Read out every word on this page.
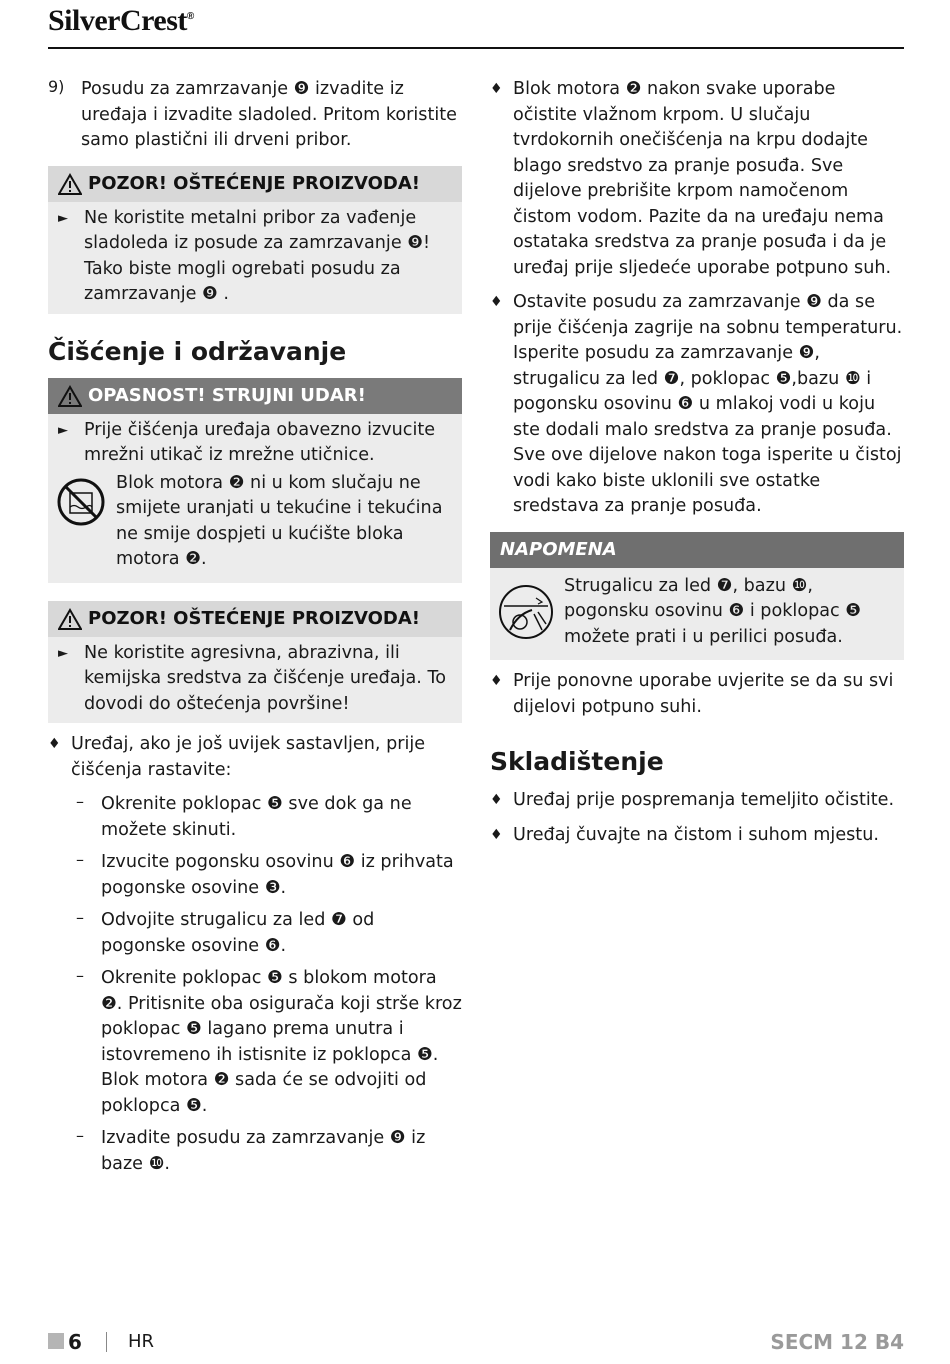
SilverCrest®
9) Posudu za zamrzavanje ❾ izvadite iz uređaja i izvadite sladoled. Pritom koristite samo plastični ili drveni pribor.

POZOR! OŠTEĆENJE PROIZVODA!
► Ne koristite metalni pribor za vađenje sladoleda iz posude za zamrzavanje ❾! Tako biste mogli ogrebati posudu za zamrzavanje ❾ .

Čišćenje i održavanje
OPASNOST! STRUJNI UDAR!
► Prije čišćenja uređaja obavezno izvucite mrežni utikač iz mrežne utičnice.

Blok motora ❷ ni u kom slučaju ne smijete uranjati u tekućine i tekućina ne smije dospjeti u kućište bloka motora ❷.

POZOR! OŠTEĆENJE PROIZVODA!
► Ne koristite agresivna, abrazivna, ili kemijska sredstva za čišćenje uređaja. To dovodi do oštećenja površine!

♦ Uređaj, ako je još uvijek sastavljen, prije čišćenja rastavite:

– Okrenite poklopac ❺ sve dok ga ne možete skinuti.

– Izvucite pogonsku osovinu ❻ iz prihvata pogonske osovine ❸.

– Odvojite strugalicu za led ❼ od pogonske osovine ❻.

– Okrenite poklopac ❺ s blokom motora ❷. Pritisnite oba osigurača koji strše kroz poklopac ❺ lagano prema unutra i istovremeno ih istisnite iz poklopca ❺. Blok motora ❷ sada će se odvojiti od poklopca ❺.

– Izvadite posudu za zamrzavanje ❾ iz baze ❿.

♦ Blok motora ❷ nakon svake uporabe očistite vlažnom krpom. U slučaju tvrdokornih onečišćenja na krpu dodajte blago sredstvo za pranje posuđa. Sve dijelove prebrišite krpom namočenom čistom vodom. Pazite da na uređaju nema ostataka sredstva za pranje posuđa i da je uređaj prije sljedeće uporabe potpuno suh.

♦ Ostavite posudu za zamrzavanje ❾ da se prije čišćenja zagrije na sobnu temperaturu. Isperite posudu za zamrzavanje ❾, strugalicu za led ❼, poklopac ❺,bazu ❿ i pogonsku osovinu ❻ u mlakoj vodi u koju ste dodali malo sredstva za pranje posuđa. Sve ove dijelove nakon toga isperite u čistoj vodi kako biste uklonili sve ostatke sredstava za pranje posuđa.

NAPOMENA

Strugalicu za led ❼, bazu ❿, pogonsku osovinu ❻ i poklopac ❺ možete prati i u perilici posuđa.

♦ Prije ponovne uporabe uvjerite se da su svi dijelovi potpuno suhi.

Skladištenje
♦ Uređaj prije pospremanja temeljito očistite.

♦ Uređaj čuvajte na čistom i suhom mjestu.

6	HR	SECM 12 B4
